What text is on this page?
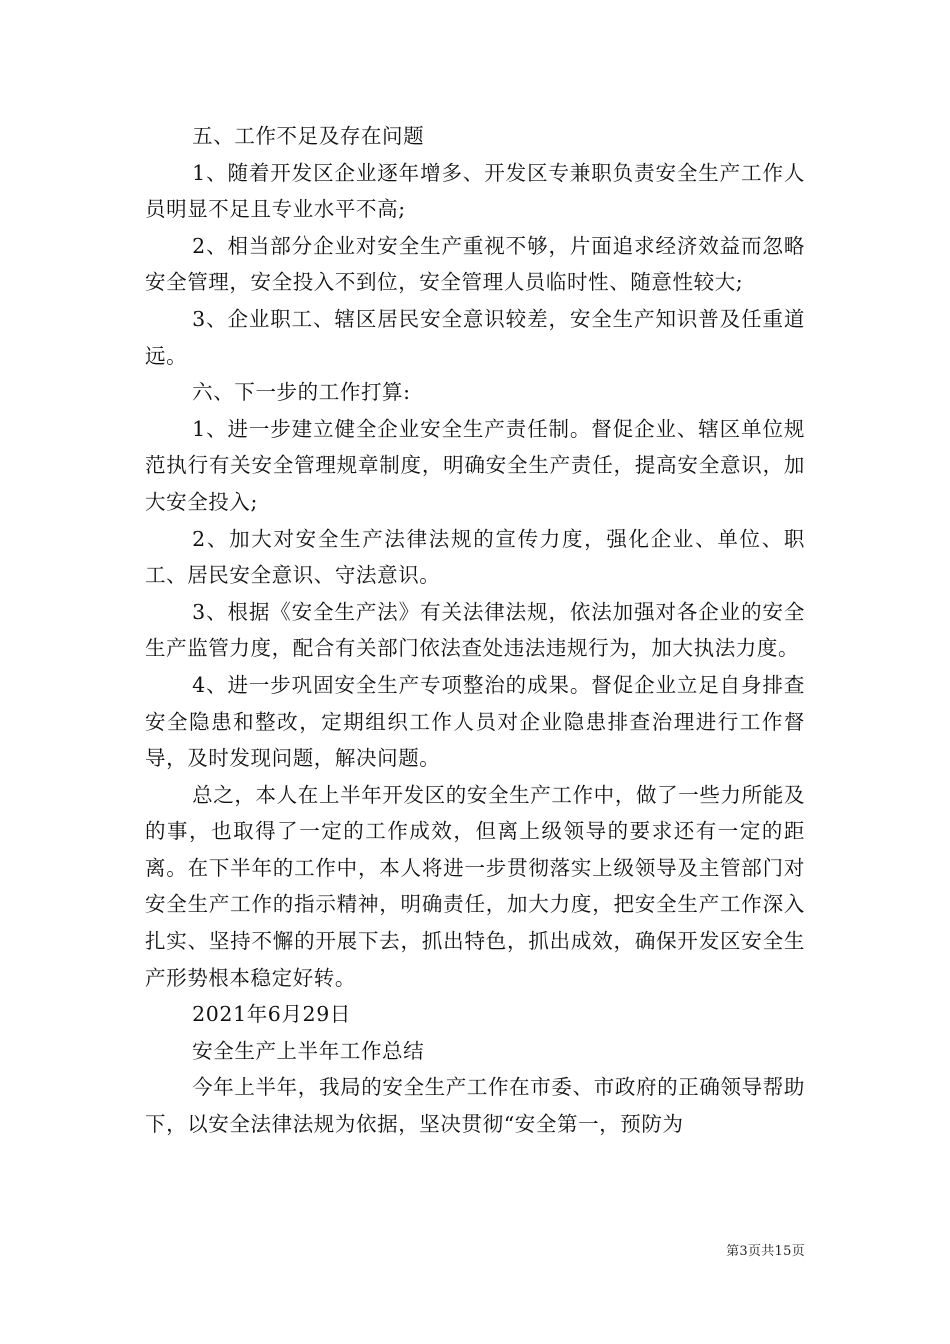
五、工作不足及存在问题

1、随着开发区企业逐年增多、开发区专兼职负责安全生产工作人员明显不足且专业水平不高;

2、相当部分企业对安全生产重视不够，片面追求经济效益而忽略安全管理，安全投入不到位，安全管理人员临时性、随意性较大;

3、企业职工、辖区居民安全意识较差，安全生产知识普及任重道远。

六、下一步的工作打算:

1、进一步建立健全企业安全生产责任制。督促企业、辖区单位规范执行有关安全管理规章制度，明确安全生产责任，提高安全意识，加大安全投入;

2、加大对安全生产法律法规的宣传力度，强化企业、单位、职工、居民安全意识、守法意识。

3、根据《安全生产法》有关法律法规，依法加强对各企业的安全生产监管力度，配合有关部门依法查处违法违规行为，加大执法力度。

4、进一步巩固安全生产专项整治的成果。督促企业立足自身排查安全隐患和整改，定期组织工作人员对企业隐患排查治理进行工作督导，及时发现问题，解决问题。

总之，本人在上半年开发区的安全生产工作中，做了一些力所能及的事，也取得了一定的工作成效，但离上级领导的要求还有一定的距离。在下半年的工作中，本人将进一步贯彻落实上级领导及主管部门对安全生产工作的指示精神，明确责任，加大力度，把安全生产工作深入扎实、坚持不懈的开展下去，抓出特色，抓出成效，确保开发区安全生产形势根本稳定好转。

2021年6月29日

安全生产上半年工作总结

今年上半年，我局的安全生产工作在市委、市政府的正确领导帮助下，以安全法律法规为依据，坚决贯彻“安全第一，预防为

第3页共15页
